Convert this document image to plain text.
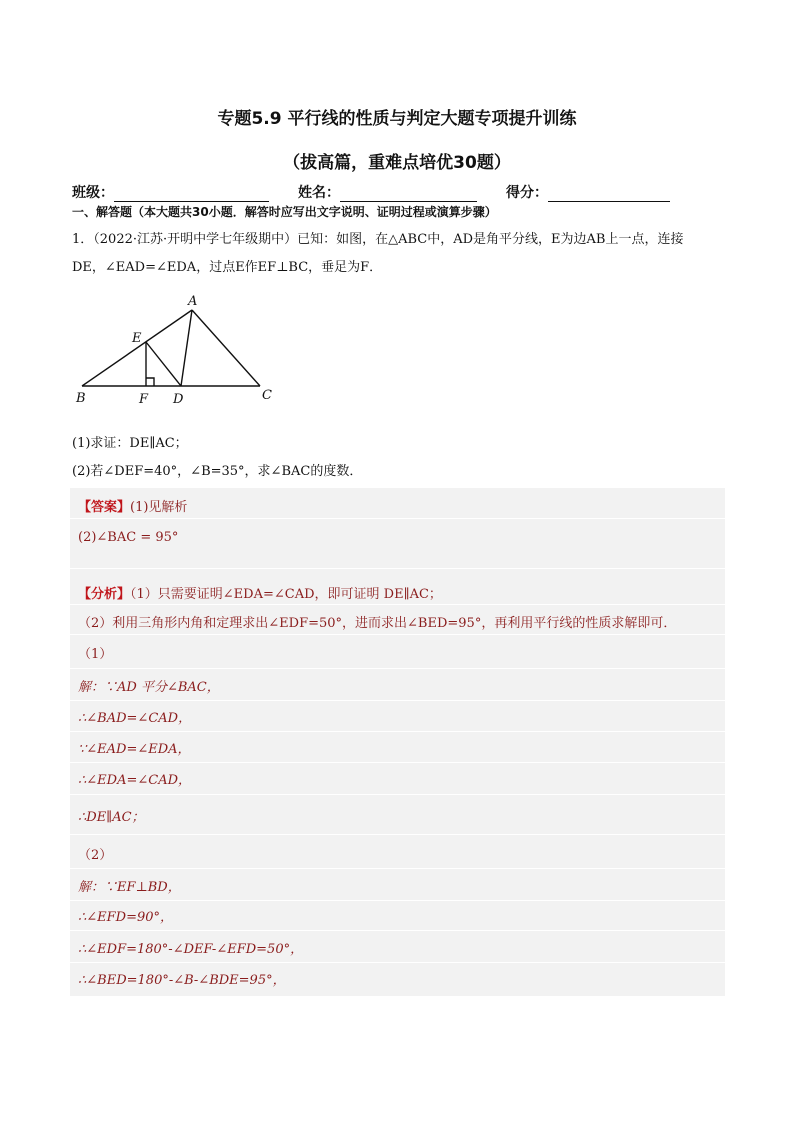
专题5.9 平行线的性质与判定大题专项提升训练
（拔高篇，重难点培优30题）
班级：	姓名：	得分：
一、解答题（本大题共30小题．解答时应写出文字说明、证明过程或演算步骤）
1．（2022·江苏·开明中学七年级期中）已知：如图，在△ABC中，AD是角平分线，E为边AB上一点，连接
DE，∠EAD=∠EDA，过点E作EF⊥BC，垂足为F．
A
B	C
D
E
F
(1)求证：DE∥AC；
(2)若∠DEF=40°，∠B=35°，求∠BAC的度数．
【答案】(1)见解析
(2)∠BAC = 95°
【分析】（1）只需要证明∠EDA=∠CAD，即可证明 DE∥AC；
（2）利用三角形内角和定理求出∠EDF=50°，进而求出∠BED=95°，再利用平行线的性质求解即可．
（1）
解：∵AD 平分∠BAC，
∴∠BAD=∠CAD，
∵∠EAD=∠EDA，
∴∠EDA=∠CAD，
∴DE∥AC；
（2）
解：∵EF⊥BD，
∴∠EFD=90°，
∴∠EDF=180°-∠DEF-∠EFD=50°，
∴∠BED=180°-∠B-∠BDE=95°，
